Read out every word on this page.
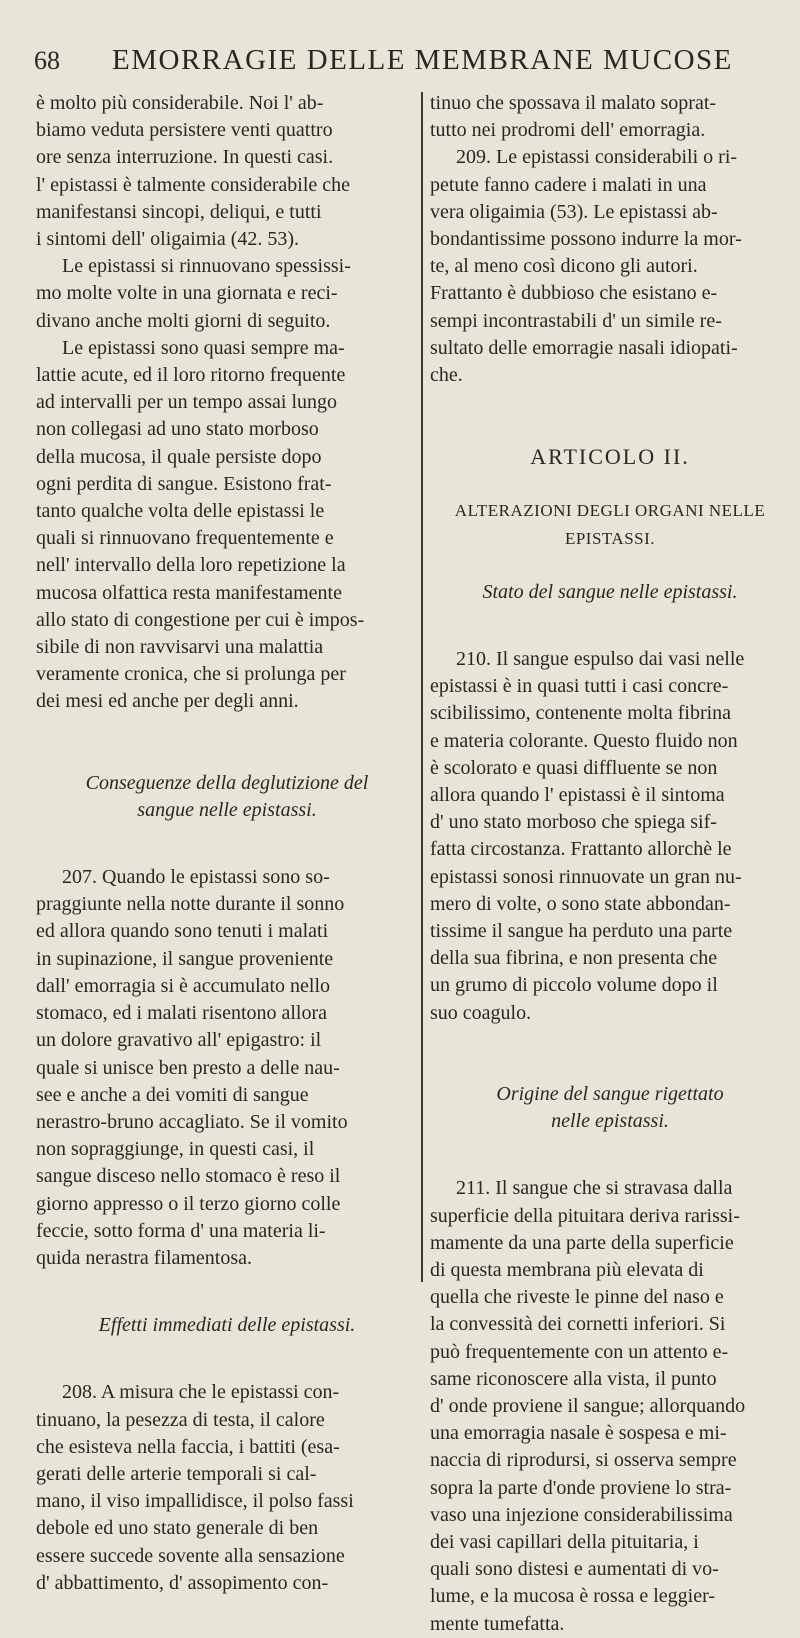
68	EMORRAGIE DELLE MEMBRANE MUCOSE
è molto più considerabile. Noi l' ab-
biamo veduta persistere venti quattro
ore senza interruzione. In questi casi.
l' epistassi è talmente considerabile che
manifestansi sincopi, deliqui, e tutti
i sintomi dell' oligaimia (42. 53).
Le epistassi si rinnuovano spessissi-
mo molte volte in una giornata e reci-
divano anche molti giorni di seguito.
Le epistassi sono quasi sempre ma-
lattie acute, ed il loro ritorno frequente
ad intervalli per un tempo assai lungo
non collegasi ad uno stato morboso
della mucosa, il quale persiste dopo
ogni perdita di sangue. Esistono frat-
tanto qualche volta delle epistassi le
quali si rinnuovano frequentemente e
nell' intervallo della loro repetizione la
mucosa olfattica resta manifestamente
allo stato di congestione per cui è impos-
sibile di non ravvisarvi una malattia
veramente cronica, che si prolunga per
dei mesi ed anche per degli anni.
Conseguenze della deglutizione del
sangue nelle epistassi.
207. Quando le epistassi sono so-
praggiunte nella notte durante il sonno
ed allora quando sono tenuti i malati
in supinazione, il sangue proveniente
dall' emorragia si è accumulato nello
stomaco, ed i malati risentono allora
un dolore gravativo all' epigastro: il
quale si unisce ben presto a delle nau-
see e anche a dei vomiti di sangue
nerastro-bruno accagliato. Se il vomito
non sopraggiunge, in questi casi, il
sangue disceso nello stomaco è reso il
giorno appresso o il terzo giorno colle
feccie, sotto forma d' una materia li-
quida nerastra filamentosa.
Effetti immediati delle epistassi.
208. A misura che le epistassi con-
tinuano, la pesezza di testa, il calore
che esisteva nella faccia, i battiti (esa-
gerati delle arterie temporali si cal-
mano, il viso impallidisce, il polso fassi
debole ed uno stato generale di ben
essere succede sovente alla sensazione
d' abbattimento, d' assopimento con-
tinuo che spossava il malato soprat-
tutto nei prodromi dell' emorragia.
209. Le epistassi considerabili o ri-
petute fanno cadere i malati in una
vera oligaimia (53). Le epistassi ab-
bondantissime possono indurre la mor-
te, al meno così dicono gli autori.
Frattanto è dubbioso che esistano e-
sempi incontrastabili d' un simile re-
sultato delle emorragie nasali idiopati-
che.
ARTICOLO II.
ALTERAZIONI DEGLI ORGANI NELLE
EPISTASSI.
Stato del sangue nelle epistassi.
210. Il sangue espulso dai vasi nelle
epistassi è in quasi tutti i casi concre-
scibilissimo, contenente molta fibrina
e materia colorante. Questo fluido non
è scolorato e quasi diffluente se non
allora quando l' epistassi è il sintoma
d' uno stato morboso che spiega sif-
fatta circostanza. Frattanto allorchè le
epistassi sonosi rinnuovate un gran nu-
mero di volte, o sono state abbondan-
tissime il sangue ha perduto una parte
della sua fibrina, e non presenta che
un grumo di piccolo volume dopo il
suo coagulo.
Origine del sangue rigettato
nelle epistassi.
211. Il sangue che si stravasa dalla
superficie della pituitara deriva rarissi-
mamente da una parte della superficie
di questa membrana più elevata di
quella che riveste le pinne del naso e
la convessità dei cornetti inferiori. Si
può frequentemente con un attento e-
same riconoscere alla vista, il punto
d' onde proviene il sangue; allorquando
una emorragia nasale è sospesa e mi-
naccia di riprodursi, si osserva sempre
sopra la parte d'onde proviene lo stra-
vaso una injezione considerabilissima
dei vasi capillari della pituitaria, i
quali sono distesi e aumentati di vo-
lume, e la mucosa è rossa e leggier-
mente tumefatta.
